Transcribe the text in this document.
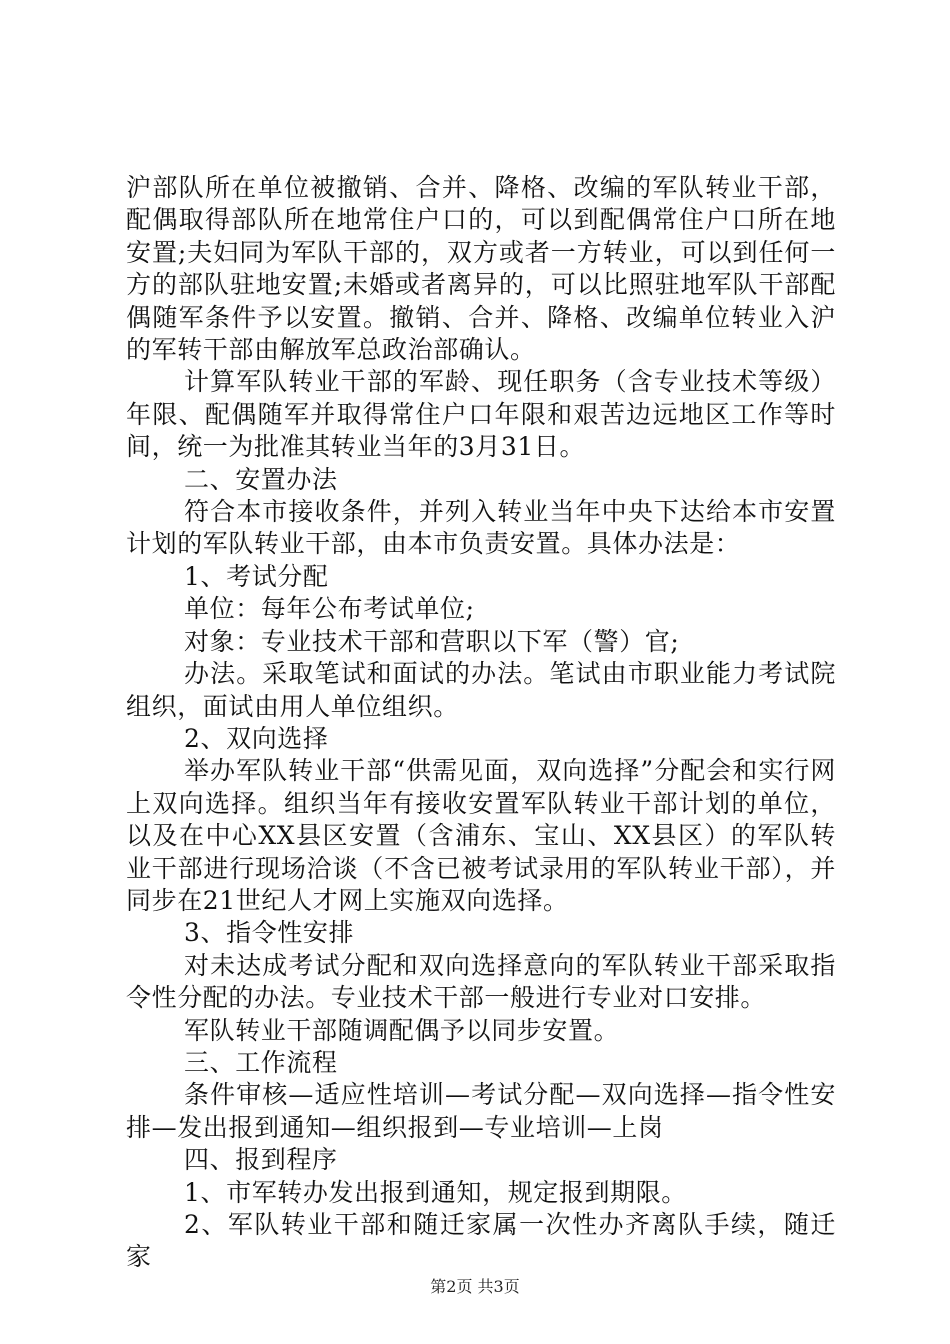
沪部队所在单位被撤销、合并、降格、改编的军队转业干部，配偶取得部队所在地常住户口的，可以到配偶常住户口所在地安置;夫妇同为军队干部的，双方或者一方转业，可以到任何一方的部队驻地安置;未婚或者离异的，可以比照驻地军队干部配偶随军条件予以安置。撤销、合并、降格、改编单位转业入沪的军转干部由解放军总政治部确认。

计算军队转业干部的军龄、现任职务（含专业技术等级）年限、配偶随军并取得常住户口年限和艰苦边远地区工作等时间，统一为批准其转业当年的3月31日。

二、安置办法

符合本市接收条件，并列入转业当年中央下达给本市安置计划的军队转业干部，由本市负责安置。具体办法是：

1、考试分配

单位：每年公布考试单位;

对象：专业技术干部和营职以下军（警）官;

办法。采取笔试和面试的办法。笔试由市职业能力考试院组织，面试由用人单位组织。

2、双向选择

举办军队转业干部“供需见面，双向选择”分配会和实行网上双向选择。组织当年有接收安置军队转业干部计划的单位，以及在中心XX县区安置（含浦东、宝山、XX县区）的军队转业干部进行现场洽谈（不含已被考试录用的军队转业干部），并同步在21世纪人才网上实施双向选择。

3、指令性安排

对未达成考试分配和双向选择意向的军队转业干部采取指令性分配的办法。专业技术干部一般进行专业对口安排。

军队转业干部随调配偶予以同步安置。

三、工作流程

条件审核—适应性培训—考试分配—双向选择—指令性安排—发出报到通知—组织报到—专业培训—上岗

四、报到程序

1、市军转办发出报到通知，规定报到期限。

2、军队转业干部和随迁家属一次性办齐离队手续，随迁家

第2页 共3页
